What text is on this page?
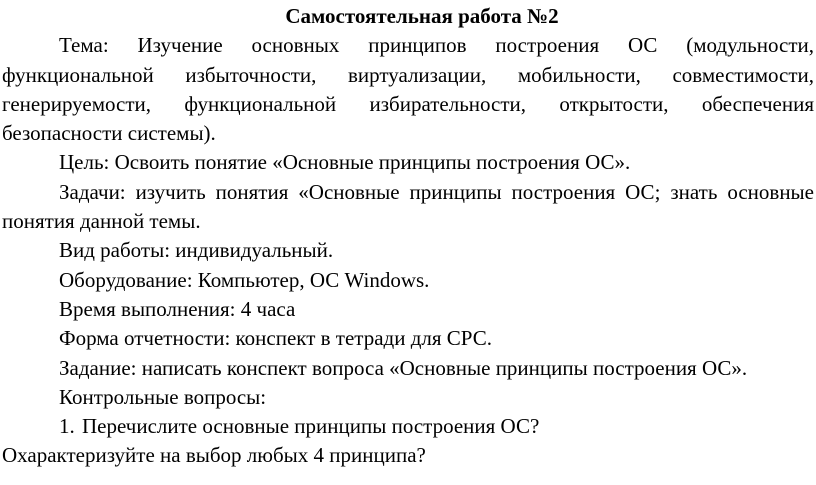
Самостоятельная работа №2

Тема: Изучение основных принципов построения ОС (модульности, функциональной избыточности, виртуализации, мобильности, совместимости, генерируемости, функциональной избирательности, открытости, обеспечения безопасности системы).

Цель: Освоить понятие «Основные принципы построения ОС».

Задачи: изучить понятия «Основные принципы построения ОС; знать основные понятия данной темы.

Вид работы: индивидуальный.

Оборудование: Компьютер, ОС Windows.

Время выполнения: 4 часа

Форма отчетности: конспект в тетради для СРС.

Задание: написать конспект вопроса «Основные принципы построения ОС».

Контрольные вопросы:

1. Перечислите основные принципы построения ОС?

Охарактеризуйте на выбор любых 4 принципа?
